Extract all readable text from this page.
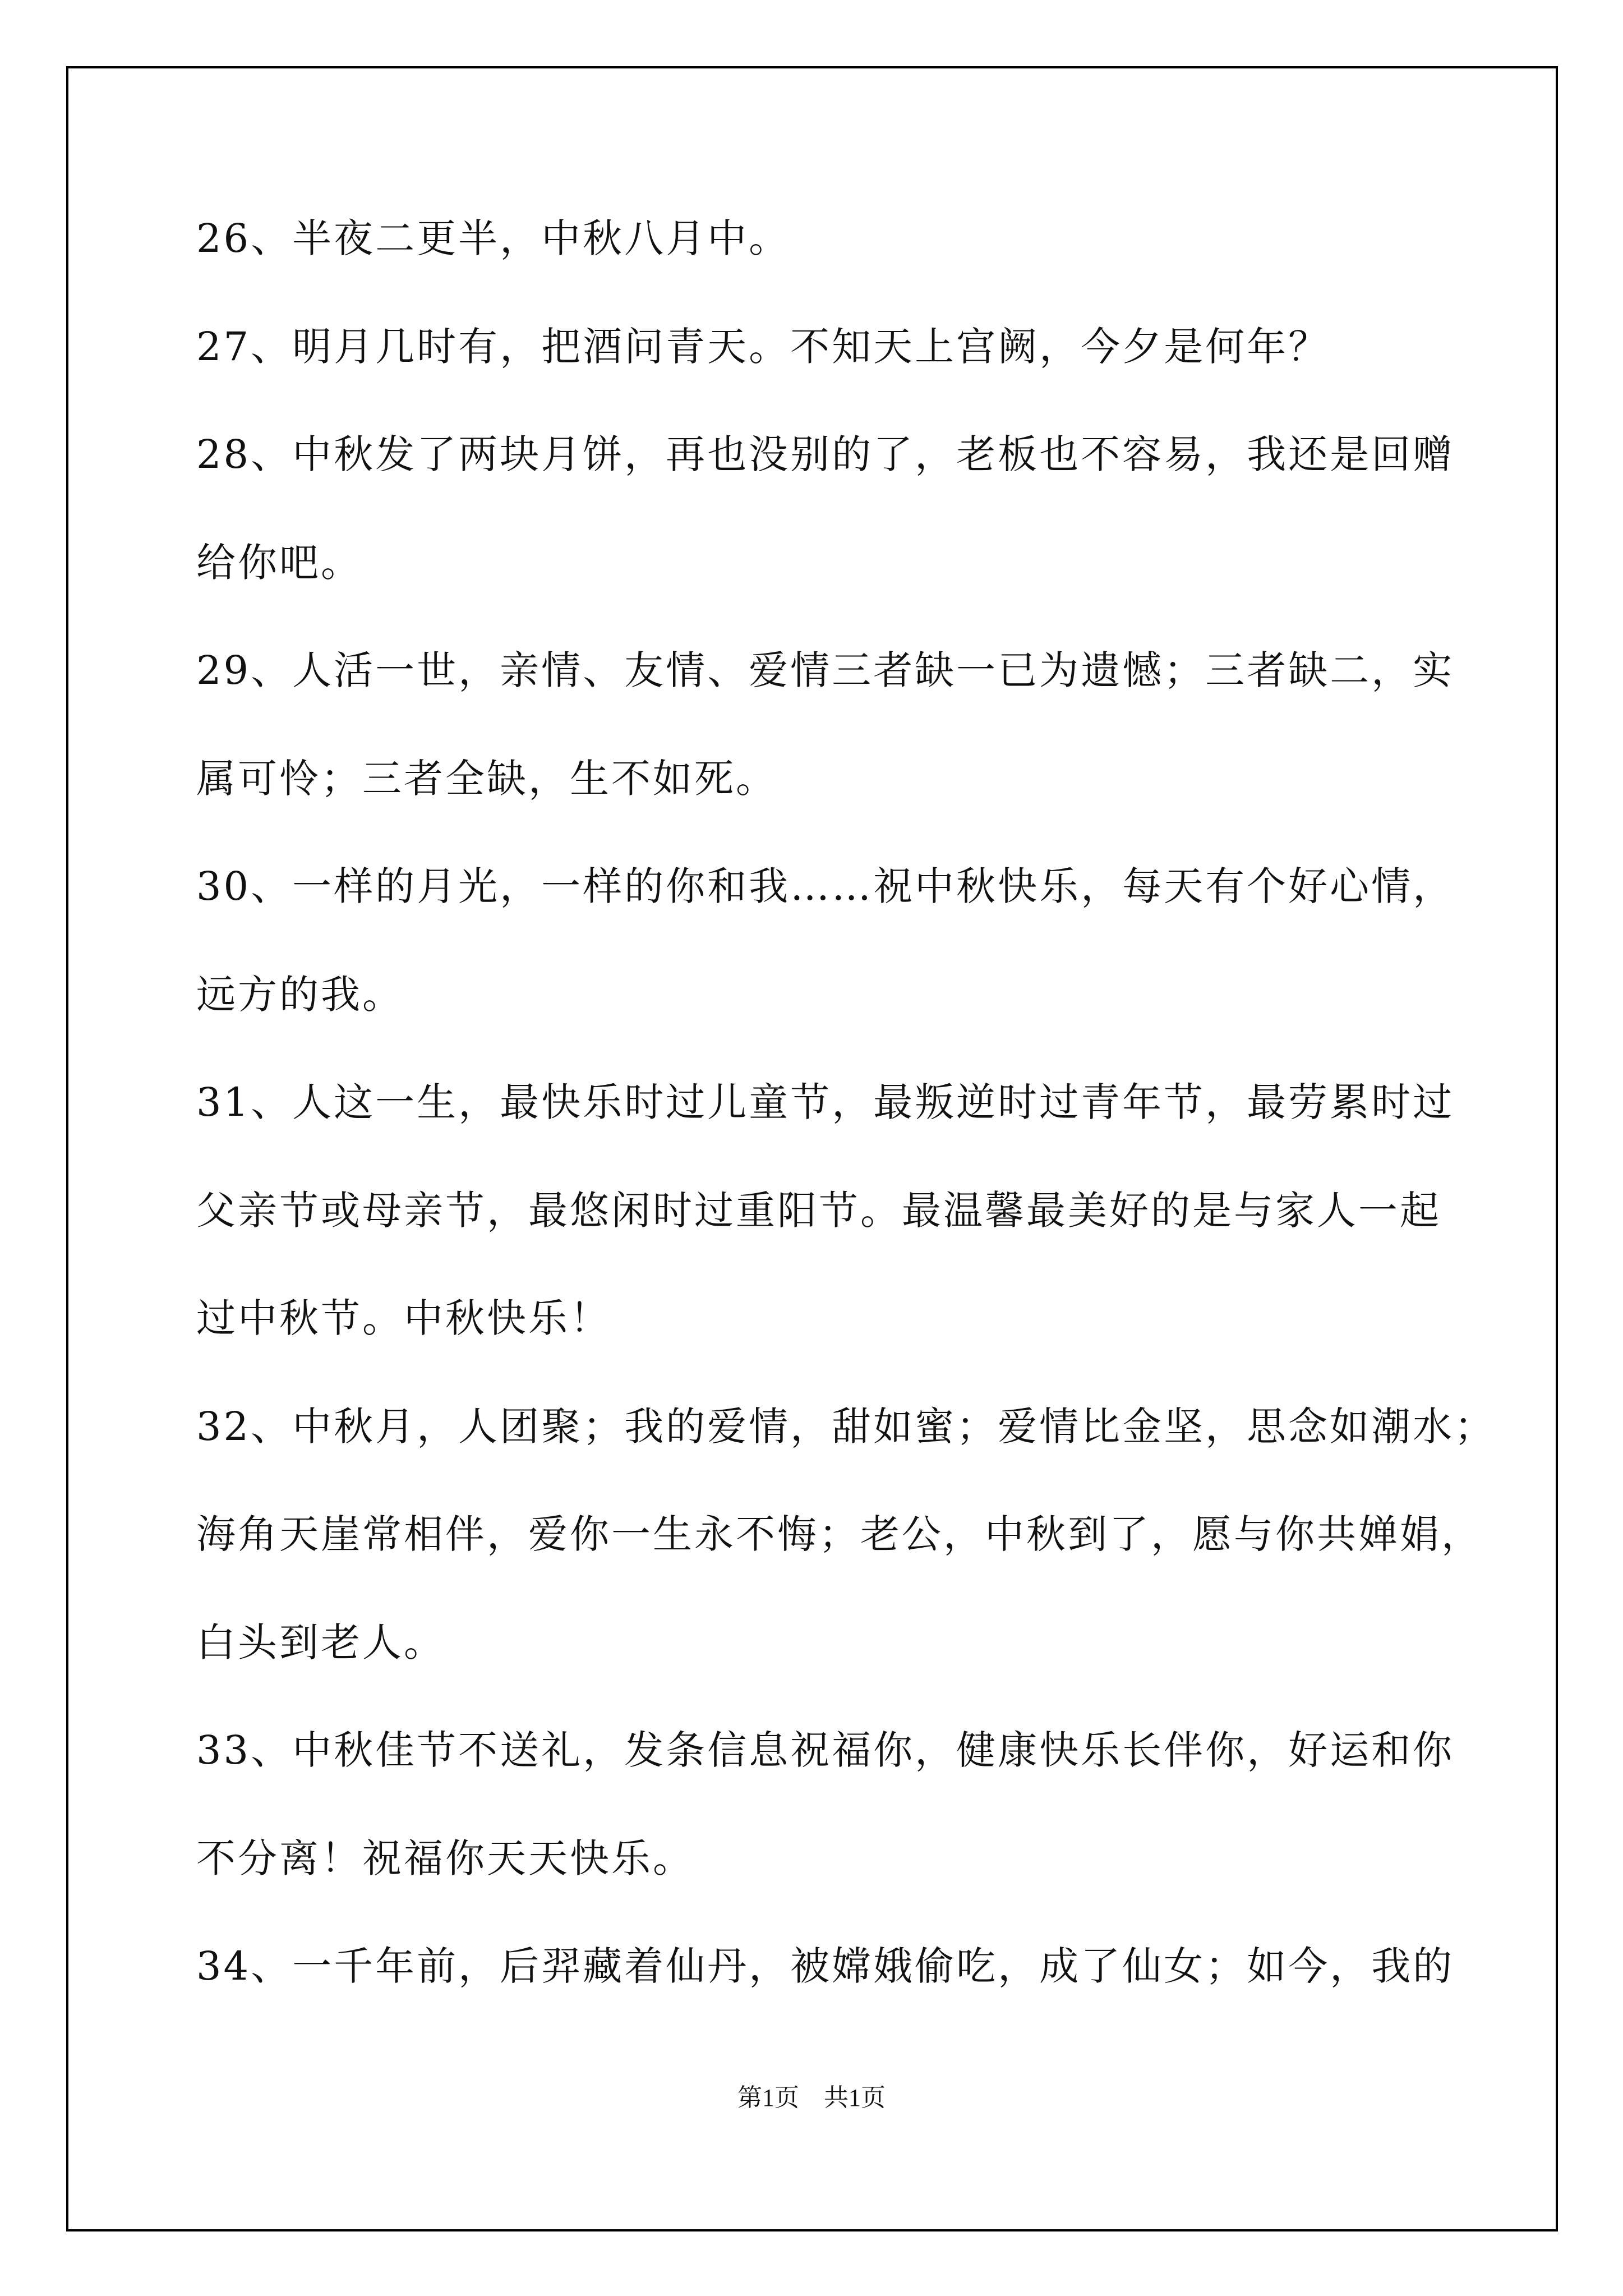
26、半夜二更半，中秋八月中。
27、明月几时有，把酒问青天。不知天上宫阙，今夕是何年？
28、中秋发了两块月饼，再也没别的了，老板也不容易，我还是回赠
给你吧。
29、人活一世，亲情、友情、爱情三者缺一已为遗憾；三者缺二，实
属可怜；三者全缺，生不如死。
30、一样的月光，一样的你和我……祝中秋快乐，每天有个好心情，
远方的我。
31、人这一生，最快乐时过儿童节，最叛逆时过青年节，最劳累时过
父亲节或母亲节，最悠闲时过重阳节。最温馨最美好的是与家人一起
过中秋节。中秋快乐！
32、中秋月，人团聚；我的爱情，甜如蜜；爱情比金坚，思念如潮水；
海角天崖常相伴，爱你一生永不悔；老公，中秋到了，愿与你共婵娟，
白头到老人。
33、中秋佳节不送礼，发条信息祝福你，健康快乐长伴你，好运和你
不分离！祝福你天天快乐。
34、一千年前，后羿藏着仙丹，被嫦娥偷吃，成了仙女；如今，我的
第1页 共1页
